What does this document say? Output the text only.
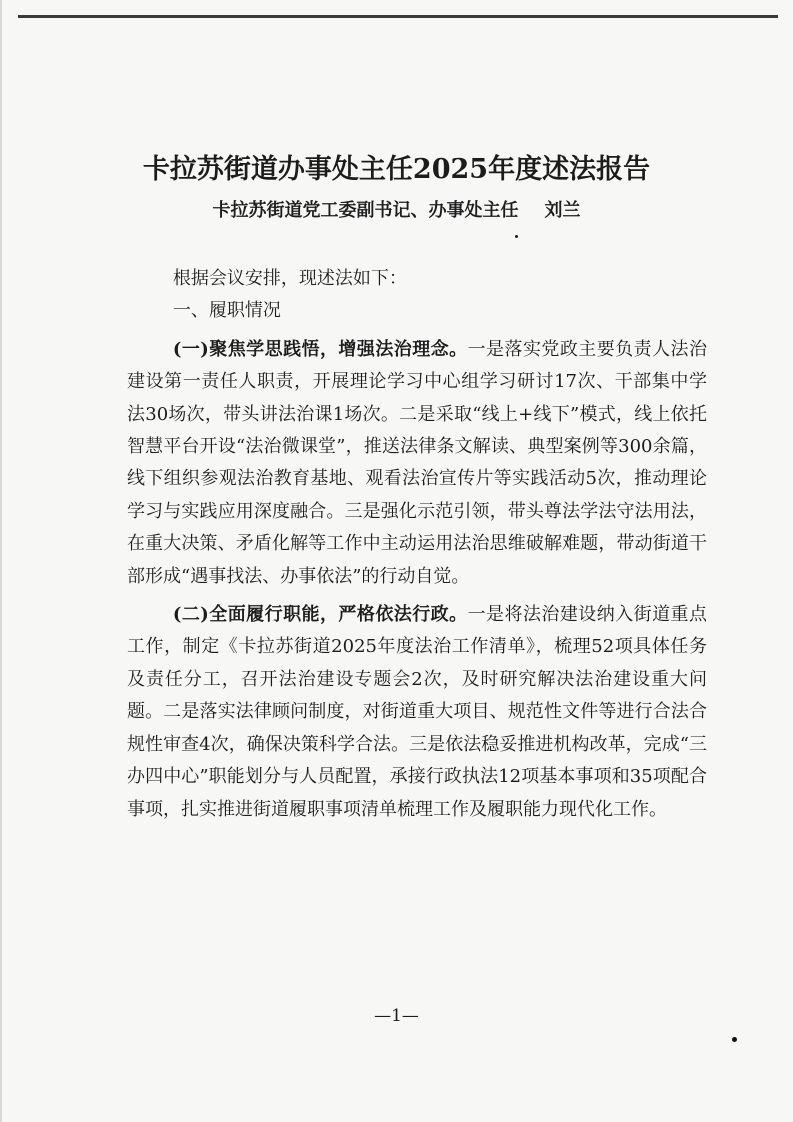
卡拉苏街道办事处主任2025年度述法报告
卡拉苏街道党工委副书记、办事处主任 刘兰

根据会议安排，现述法如下：

一、履职情况

(一)聚焦学思践悟，增强法治理念。一是落实党政主要负责人法治建设第一责任人职责，开展理论学习中心组学习研讨17次、干部集中学法30场次，带头讲法治课1场次。二是采取“线上+线下”模式，线上依托智慧平台开设“法治微课堂”，推送法律条文解读、典型案例等300余篇，线下组织参观法治教育基地、观看法治宣传片等实践活动5次，推动理论学习与实践应用深度融合。三是强化示范引领，带头尊法学法守法用法，在重大决策、矛盾化解等工作中主动运用法治思维破解难题，带动街道干部形成“遇事找法、办事依法”的行动自觉。

(二)全面履行职能，严格依法行政。一是将法治建设纳入街道重点工作，制定《卡拉苏街道2025年度法治工作清单》，梳理52项具体任务及责任分工，召开法治建设专题会2次，及时研究解决法治建设重大问题。二是落实法律顾问制度，对街道重大项目、规范性文件等进行合法合规性审查4次，确保决策科学合法。三是依法稳妥推进机构改革，完成“三办四中心”职能划分与人员配置，承接行政执法12项基本事项和35项配合事项，扎实推进街道履职事项清单梳理工作及履职能力现代化工作。

—1—
